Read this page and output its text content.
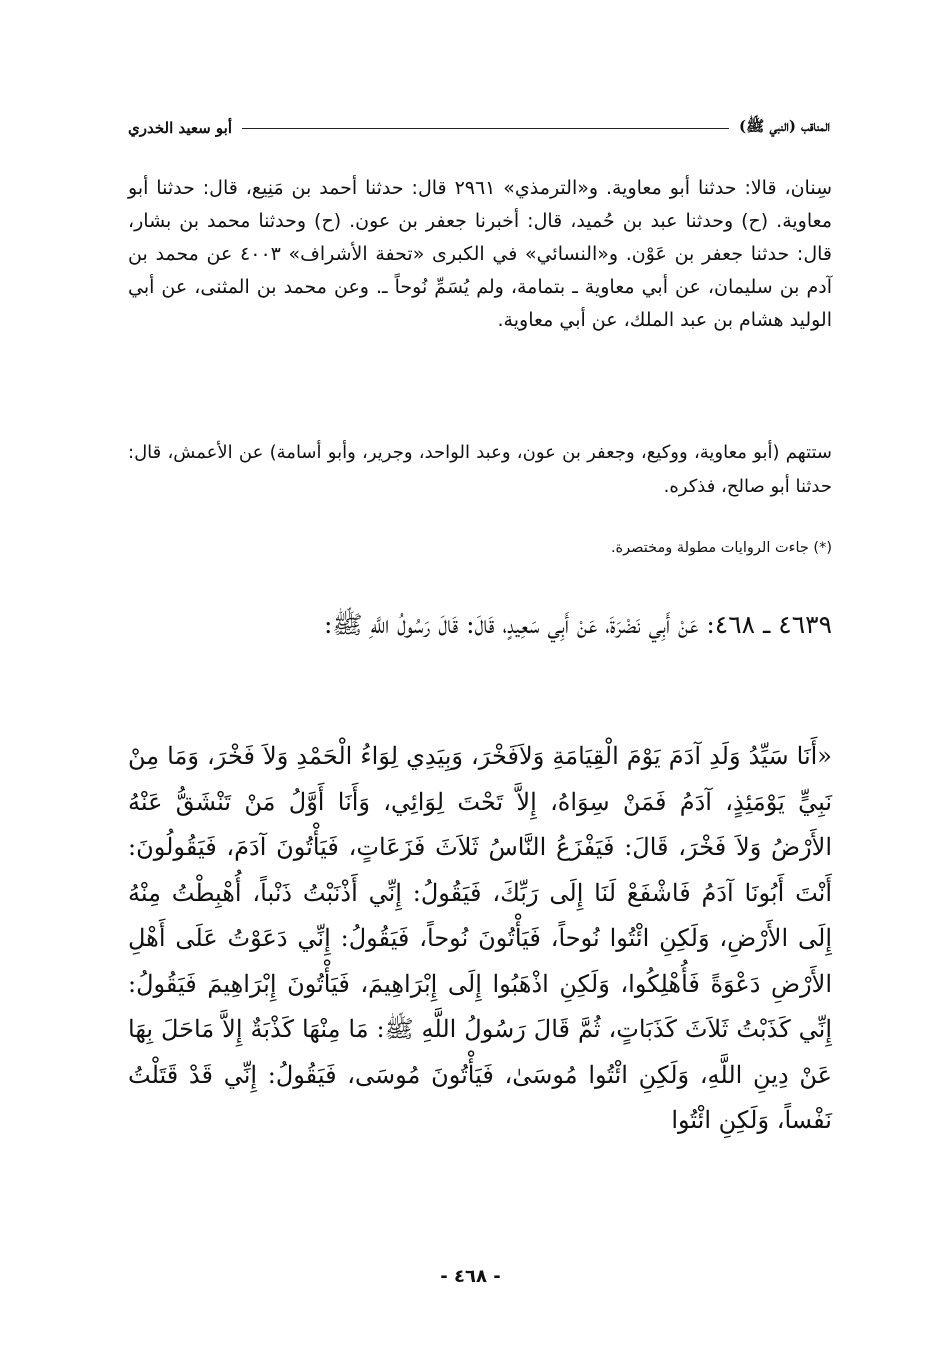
المناقب (النبي ﷺ)
أبو سعيد الخدري
سِنان، قالا: حدثنا أبو معاوية. و«الترمذي» ٢٩٦١ قال: حدثنا أحمد بن مَنِيع، قال: حدثنا أبو معاوية. (ح) وحدثنا عبد بن حُميد، قال: أخبرنا جعفر بن عون. (ح) وحدثنا محمد بن بشار، قال: حدثنا جعفر بن عَوْن. و«النسائي» في الكبرى «تحفة الأشراف» ٤٠٠٣ عن محمد بن آدم بن سليمان، عن أبي معاوية ـ بتمامة، ولم يُسَمِّ نُوحاً ـ. وعن محمد بن المثنى، عن أبي الوليد هشام بن عبد الملك، عن أبي معاوية.
ستتهم (أبو معاوية، ووكيع، وجعفر بن عون، وعبد الواحد، وجرير، وأبو أسامة) عن الأعمش، قال: حدثنا أبو صالح، فذكره.
(*) جاءت الروايات مطولة ومختصرة.
٤٦٣٩ ـ ٤٦٨: عَنْ أَبِي نَضْرَةَ، عَنْ أَبِي سَعِيدٍ، قَالَ: قَالَ رَسُولُ اللَّهِ ﷺ:
«أَنَا سَيِّدُ وَلَدِ آدَمَ يَوْمَ الْقِيَامَةِ وَلاَفَخْرَ، وَبِيَدِي لِوَاءُ الْحَمْدِ وَلاَ فَخْرَ، وَمَا مِنْ نَبِيٍّ يَوْمَئِذٍ، آدَمُ فَمَنْ سِوَاهُ، إِلاَّ تَحْتَ لِوَائِي، وَأَنَا أَوَّلُ مَنْ تَنْشَقُّ عَنْهُ الأَرْضُ وَلاَ فَخْرَ، قَالَ: فَيَفْزَعُ النَّاسُ ثَلاَثَ فَزَعَاتٍ، فَيَأْتُونَ آدَمَ، فَيَقُولُونَ: أَنْتَ أَبُونَا آدَمُ فَاشْفَعْ لَنَا إِلَى رَبِّكَ، فَيَقُولُ: إِنِّي أَذْنَبْتُ ذَنْباً، أُهْبِطْتُ مِنْهُ إِلَى الأَرْضِ، وَلَكِنِ ائْتُوا نُوحاً، فَيَأْتُونَ نُوحاً، فَيَقُولُ: إِنِّي دَعَوْتُ عَلَى أَهْلِ الأَرْضِ دَعْوَةً فَأُهْلِكُوا، وَلَكِنِ اذْهَبُوا إِلَى إِبْرَاهِيمَ، فَيَأْتُونَ إِبْرَاهِيمَ فَيَقُولُ: إِنِّي كَذَبْتُ ثَلاَثَ كَذَبَاتٍ، ثُمَّ قَالَ رَسُولُ اللَّهِ ﷺ: مَا مِنْهَا كَذْبَةٌ إِلاَّ مَاحَلَ بِهَا عَنْ دِينِ اللَّهِ، وَلَكِنِ ائْتُوا مُوسَىٰ، فَيَأْتُونَ مُوسَى، فَيَقُولُ: إِنِّي قَدْ قَتَلْتُ نَفْساً، وَلَكِنِ ائْتُوا
- ٤٦٨ -
